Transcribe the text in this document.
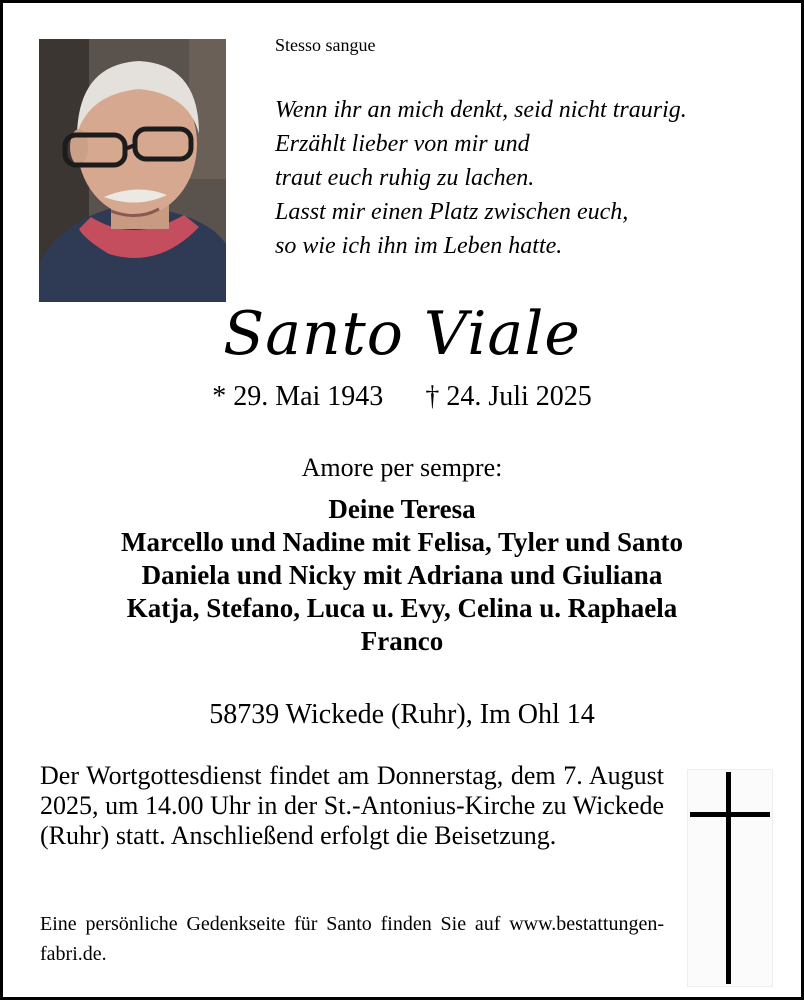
Stesso sangue
Wenn ihr an mich denkt, seid nicht traurig.
Erzählt lieber von mir und
traut euch ruhig zu lachen.
Lasst mir einen Platz zwischen euch,
so wie ich ihn im Leben hatte.
Santo Viale
* 29. Mai 1943 † 24. Juli 2025
Amore per sempre:
Deine Teresa
Marcello und Nadine mit Felisa, Tyler und Santo
Daniela und Nicky mit Adriana und Giuliana
Katja, Stefano, Luca u. Evy, Celina u. Raphaela
Franco
58739 Wickede (Ruhr), Im Ohl 14
Der Wortgottesdienst findet am Donnerstag, dem 7. August 2025, um 14.00 Uhr in der St.-Antonius-Kirche zu Wickede (Ruhr) statt. Anschließend erfolgt die Beisetzung.
Eine persönliche Gedenkseite für Santo finden Sie auf www.bestattungen-fabri.de.
